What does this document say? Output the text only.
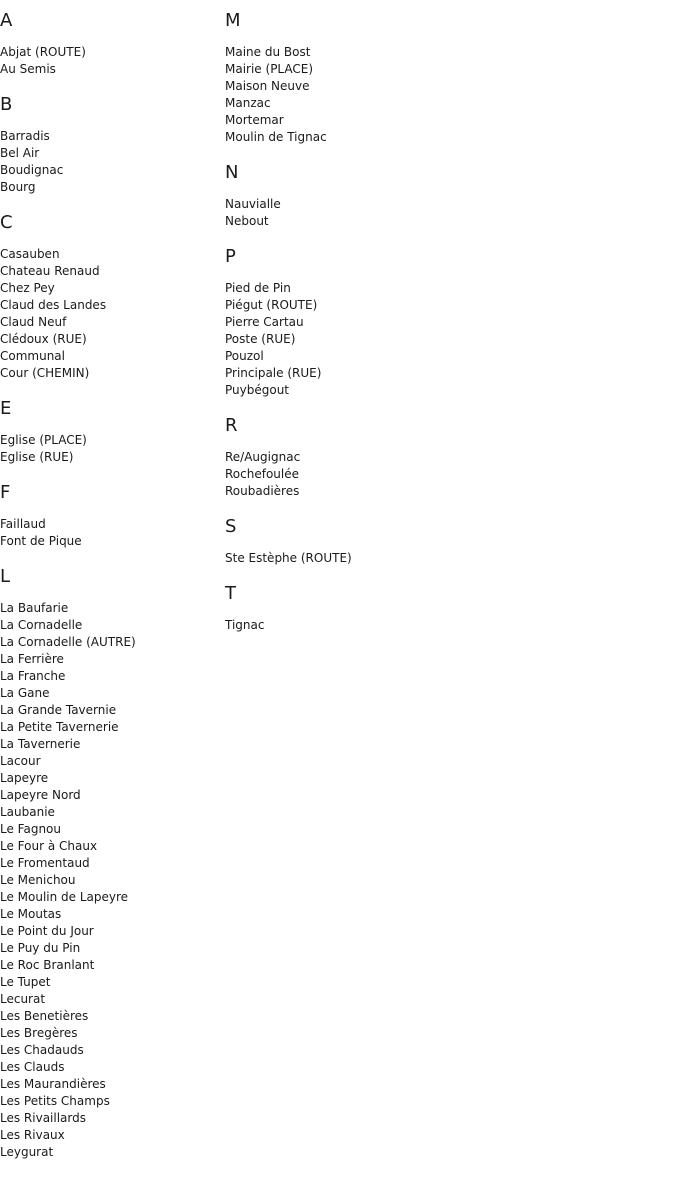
A
Abjat (ROUTE)
Au Semis
B
Barradis
Bel Air
Boudignac
Bourg
C
Casauben
Chateau Renaud
Chez Pey
Claud des Landes
Claud Neuf
Clédoux (RUE)
Communal
Cour (CHEMIN)
E
Eglise (PLACE)
Eglise (RUE)
F
Faillaud
Font de Pique
L
La Baufarie
La Cornadelle
La Cornadelle (AUTRE)
La Ferrière
La Franche
La Gane
La Grande Tavernie
La Petite Tavernerie
La Tavernerie
Lacour
Lapeyre
Lapeyre Nord
Laubanie
Le Fagnou
Le Four à Chaux
Le Fromentaud
Le Menichou
Le Moulin de Lapeyre
Le Moutas
Le Point du Jour
Le Puy du Pin
Le Roc Branlant
Le Tupet
Lecurat
Les Benetières
Les Bregères
Les Chadauds
Les Clauds
Les Maurandières
Les Petits Champs
Les Rivaillards
Les Rivaux
Leygurat
M
Maine du Bost
Mairie (PLACE)
Maison Neuve
Manzac
Mortemar
Moulin de Tignac
N
Nauvialle
Nebout
P
Pied de Pin
Piégut (ROUTE)
Pierre Cartau
Poste (RUE)
Pouzol
Principale (RUE)
Puybégout
R
Re/Augignac
Rochefoulée
Roubadières
S
Ste Estèphe (ROUTE)
T
Tignac
